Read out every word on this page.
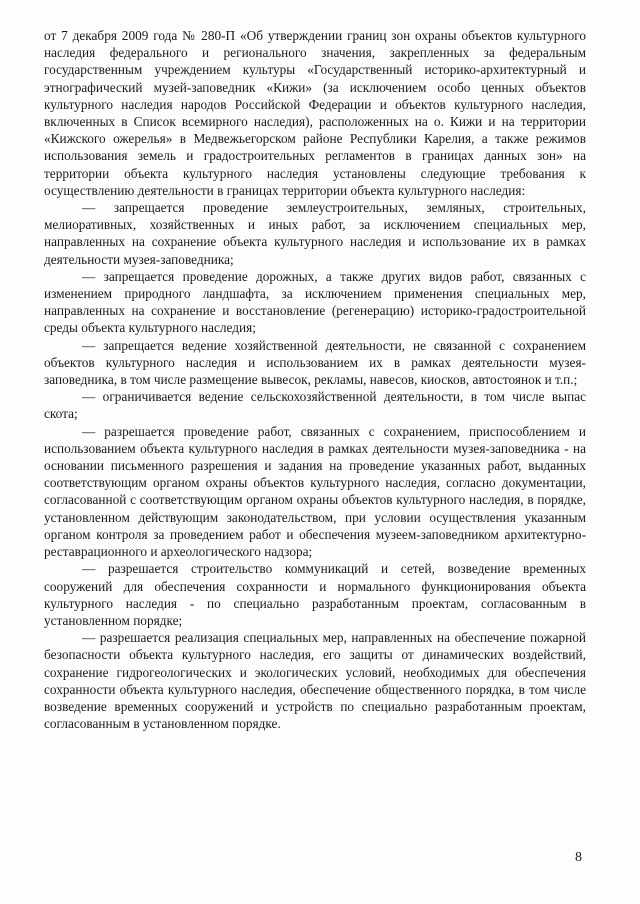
от 7 декабря 2009 года № 280-П «Об утверждении границ зон охраны объектов культурного наследия федерального и регионального значения, закрепленных за федеральным государственным учреждением культуры «Государственный историко-архитектурный и этнографический музей-заповедник «Кижи» (за исключением особо ценных объектов культурного наследия народов Российской Федерации и объектов культурного наследия, включенных в Список всемирного наследия), расположенных на о. Кижи и на территории «Кижского ожерелья» в Медвежьегорском районе Республики Карелия, а также режимов использования земель и градостроительных регламентов в границах данных зон» на территории объекта культурного наследия установлены следующие требования к осуществлению деятельности в границах территории объекта культурного наследия:

— запрещается проведение землеустроительных, земляных, строительных, мелиоративных, хозяйственных и иных работ, за исключением специальных мер, направленных на сохранение объекта культурного наследия и использование их в рамках деятельности музея-заповедника;

— запрещается проведение дорожных, а также других видов работ, связанных с изменением природного ландшафта, за исключением применения специальных мер, направленных на сохранение и восстановление (регенерацию) историко-градостроительной среды объекта культурного наследия;

— запрещается ведение хозяйственной деятельности, не связанной с сохранением объектов культурного наследия и использованием их в рамках деятельности музея-заповедника, в том числе размещение вывесок, рекламы, навесов, киосков, автостоянок и т.п.;

— ограничивается ведение сельскохозяйственной деятельности, в том числе выпас скота;

— разрешается проведение работ, связанных с сохранением, приспособлением и использованием объекта культурного наследия в рамках деятельности музея-заповедника - на основании письменного разрешения и задания на проведение указанных работ, выданных соответствующим органом охраны объектов культурного наследия, согласно документации, согласованной с соответствующим органом охраны объектов культурного наследия, в порядке, установленном действующим законодательством, при условии осуществления указанным органом контроля за проведением работ и обеспечения музеем-заповедником архитектурно-реставрационного и археологического надзора;

— разрешается строительство коммуникаций и сетей, возведение временных сооружений для обеспечения сохранности и нормального функционирования объекта культурного наследия - по специально разработанным проектам, согласованным в установленном порядке;

— разрешается реализация специальных мер, направленных на обеспечение пожарной безопасности объекта культурного наследия, его защиты от динамических воздействий, сохранение гидрогеологических и экологических условий, необходимых для обеспечения сохранности объекта культурного наследия, обеспечение общественного порядка, в том числе возведение временных сооружений и устройств по специально разработанным проектам, согласованным в установленном порядке.

8
